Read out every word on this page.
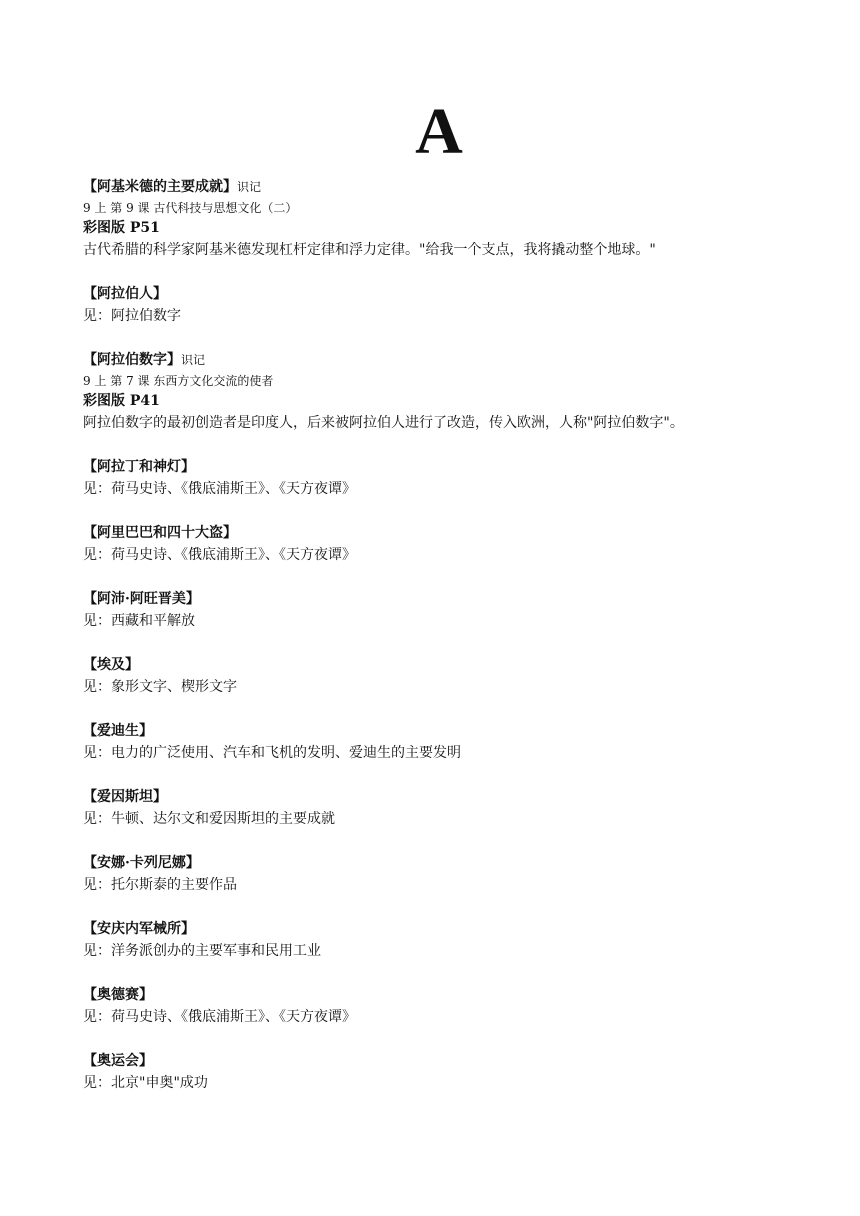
A
【阿基米德的主要成就】识记
9 上 第 9 课 古代科技与思想文化（二）
彩图版 P51
古代希腊的科学家阿基米德发现杠杆定律和浮力定律。"给我一个支点，我将撬动整个地球。"
【阿拉伯人】
见：阿拉伯数字
【阿拉伯数字】识记
9 上 第 7 课 东西方文化交流的使者
彩图版 P41
阿拉伯数字的最初创造者是印度人，后来被阿拉伯人进行了改造，传入欧洲，人称"阿拉伯数字"。
【阿拉丁和神灯】
见：荷马史诗、《俄底浦斯王》、《天方夜谭》
【阿里巴巴和四十大盗】
见：荷马史诗、《俄底浦斯王》、《天方夜谭》
【阿沛·阿旺晋美】
见：西藏和平解放
【埃及】
见：象形文字、楔形文字
【爱迪生】
见：电力的广泛使用、汽车和飞机的发明、爱迪生的主要发明
【爱因斯坦】
见：牛顿、达尔文和爱因斯坦的主要成就
【安娜·卡列尼娜】
见：托尔斯泰的主要作品
【安庆内军械所】
见：洋务派创办的主要军事和民用工业
【奥德赛】
见：荷马史诗、《俄底浦斯王》、《天方夜谭》
【奥运会】
见：北京"申奥"成功
